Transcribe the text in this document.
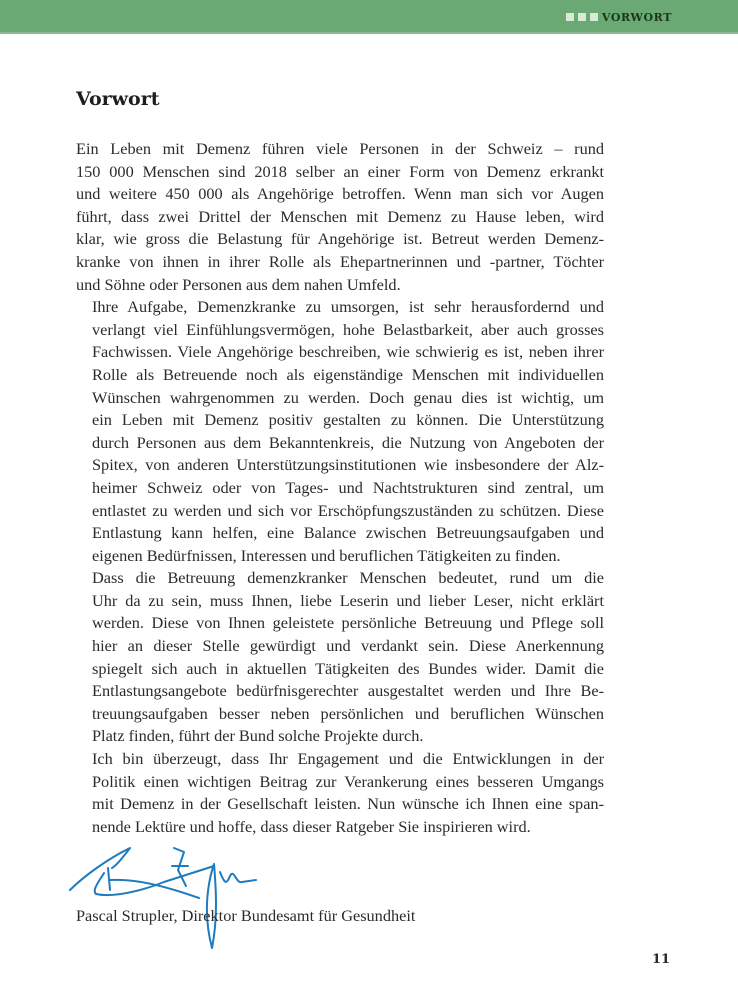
VORWORT
Vorwort

Ein Leben mit Demenz führen viele Personen in der Schweiz – rund
150 000 Menschen sind 2018 selber an einer Form von Demenz erkrankt
und weitere 450 000 als Angehörige betroffen. Wenn man sich vor Augen
führt, dass zwei Drittel der Menschen mit Demenz zu Hause leben, wird
klar, wie gross die Belastung für Angehörige ist. Betreut werden Demenz-
kranke von ihnen in ihrer Rolle als Ehepartnerinnen und -partner, Töchter
und Söhne oder Personen aus dem nahen Umfeld.

Ihre Aufgabe, Demenzkranke zu umsorgen, ist sehr herausfordernd und
verlangt viel Einfühlungsvermögen, hohe Belastbarkeit, aber auch grosses
Fachwissen. Viele Angehörige beschreiben, wie schwierig es ist, neben ihrer
Rolle als Betreuende noch als eigenständige Menschen mit individuellen
Wünschen wahrgenommen zu werden. Doch genau dies ist wichtig, um
ein Leben mit Demenz positiv gestalten zu können. Die Unterstützung
durch Personen aus dem Bekanntenkreis, die Nutzung von Angeboten der
Spitex, von anderen Unterstützungsinstitutionen wie insbesondere der Alz-
heimer Schweiz oder von Tages- und Nachtstrukturen sind zentral, um
entlastet zu werden und sich vor Erschöpfungszuständen zu schützen. Diese
Entlastung kann helfen, eine Balance zwischen Betreuungsaufgaben und
eigenen Bedürfnissen, Interessen und beruflichen Tätigkeiten zu finden.

Dass die Betreuung demenzkranker Menschen bedeutet, rund um die
Uhr da zu sein, muss Ihnen, liebe Leserin und lieber Leser, nicht erklärt
werden. Diese von Ihnen geleistete persönliche Betreuung und Pflege soll
hier an dieser Stelle gewürdigt und verdankt sein. Diese Anerkennung
spiegelt sich auch in aktuellen Tätigkeiten des Bundes wider. Damit die
Entlastungsangebote bedürfnisgerechter ausgestaltet werden und Ihre Be-
treuungsaufgaben besser neben persönlichen und beruflichen Wünschen
Platz finden, führt der Bund solche Projekte durch.

Ich bin überzeugt, dass Ihr Engagement und die Entwicklungen in der
Politik einen wichtigen Beitrag zur Verankerung eines besseren Umgangs
mit Demenz in der Gesellschaft leisten. Nun wünsche ich Ihnen eine span-
nende Lektüre und hoffe, dass dieser Ratgeber Sie inspirieren wird.

Pascal Strupler, Direktor Bundesamt für Gesundheit
11
